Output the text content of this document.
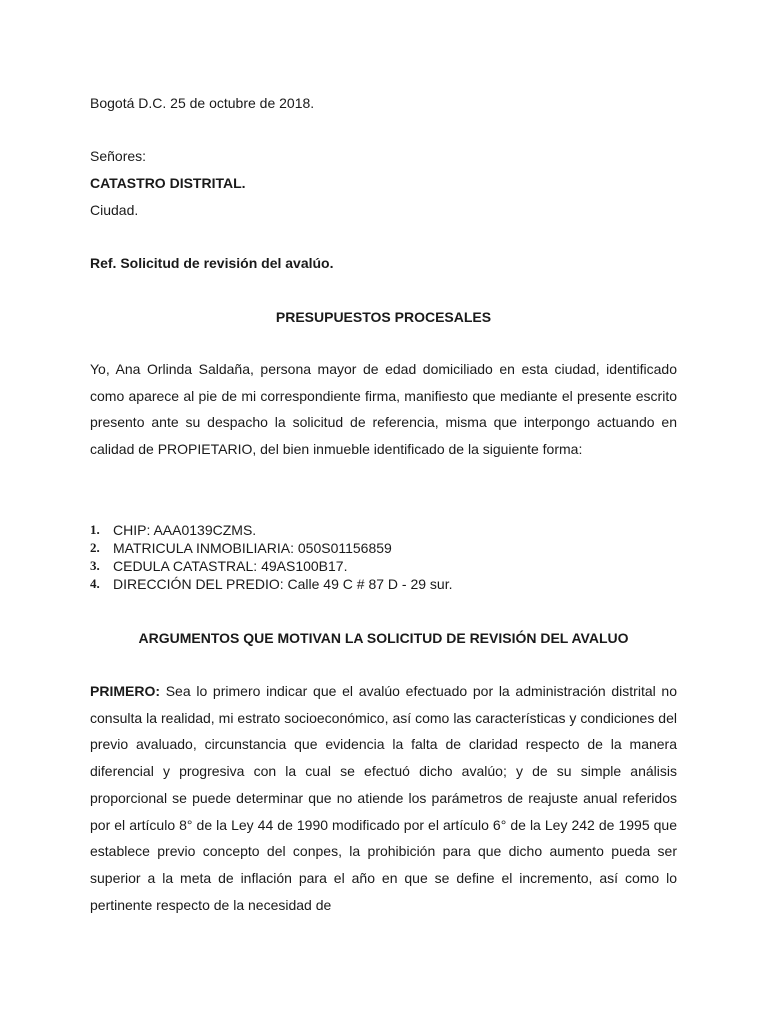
Bogotá D.C. 25 de octubre de 2018.

Señores:

CATASTRO DISTRITAL.

Ciudad.

Ref. Solicitud de revisión del avalúo.

PRESUPUESTOS PROCESALES

Yo, Ana Orlinda Saldaña, persona mayor de edad domiciliado en esta ciudad, identificado como aparece al pie de mi correspondiente firma, manifiesto que mediante el presente escrito presento ante su despacho la solicitud de referencia, misma que interpongo actuando en calidad de PROPIETARIO, del bien inmueble identificado de la siguiente forma:

1. CHIP: AAA0139CZMS.
2. MATRICULA INMOBILIARIA: 050S01156859
3. CEDULA CATASTRAL: 49AS100B17.
4. DIRECCIÓN DEL PREDIO: Calle 49 C # 87 D - 29 sur.

ARGUMENTOS QUE MOTIVAN LA SOLICITUD DE REVISIÓN DEL AVALUO

PRIMERO: Sea lo primero indicar que el avalúo efectuado por la administración distrital no consulta la realidad, mi estrato socioeconómico, así como las características y condiciones del previo avaluado, circunstancia que evidencia la falta de claridad respecto de la manera diferencial y progresiva con la cual se efectuó dicho avalúo; y de su simple análisis proporcional se puede determinar que no atiende los parámetros de reajuste anual referidos por el artículo 8° de la Ley 44 de 1990 modificado por el artículo 6° de la Ley 242 de 1995 que establece previo concepto del conpes, la prohibición para que dicho aumento pueda ser superior a la meta de inflación para el año en que se define el incremento, así como lo pertinente respecto de la necesidad de
